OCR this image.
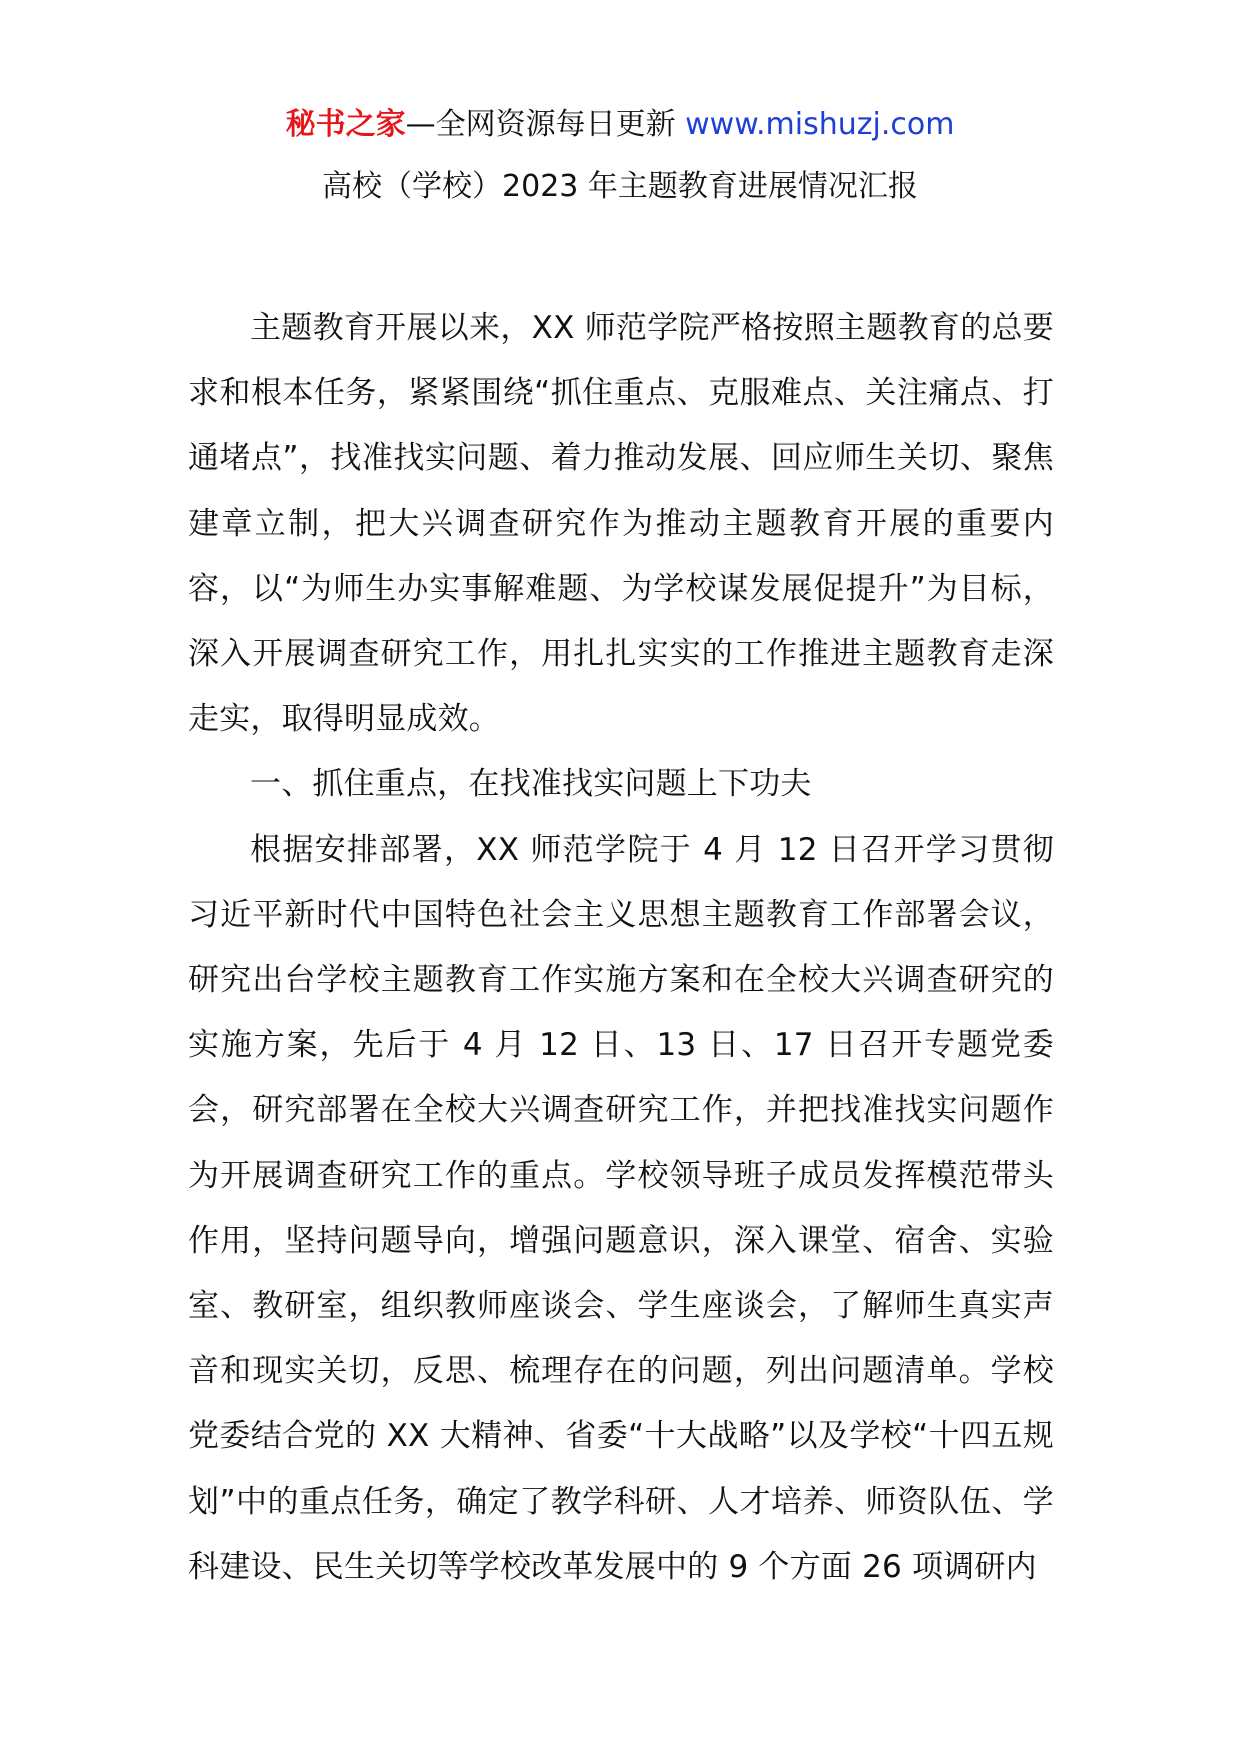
秘书之家—全网资源每日更新 www.mishuzj.com
高校（学校）2023 年主题教育进展情况汇报

主题教育开展以来，XX 师范学院严格按照主题教育的总要求和根本任务，紧紧围绕“抓住重点、克服难点、关注痛点、打通堵点”，找准找实问题、着力推动发展、回应师生关切、聚焦建章立制，把大兴调查研究作为推动主题教育开展的重要内容，以“为师生办实事解难题、为学校谋发展促提升”为目标，深入开展调查研究工作，用扎扎实实的工作推进主题教育走深走实，取得明显成效。

一、抓住重点，在找准找实问题上下功夫

根据安排部署，XX 师范学院于 4 月 12 日召开学习贯彻习近平新时代中国特色社会主义思想主题教育工作部署会议，研究出台学校主题教育工作实施方案和在全校大兴调查研究的实施方案，先后于 4 月 12 日、13 日、17 日召开专题党委会，研究部署在全校大兴调查研究工作，并把找准找实问题作为开展调查研究工作的重点。学校领导班子成员发挥模范带头作用，坚持问题导向，增强问题意识，深入课堂、宿舍、实验室、教研室，组织教师座谈会、学生座谈会，了解师生真实声音和现实关切，反思、梳理存在的问题，列出问题清单。学校党委结合党的 XX 大精神、省委“十大战略”以及学校“十四五规划”中的重点任务，确定了教学科研、人才培养、师资队伍、学科建设、民生关切等学校改革发展中的 9 个方面 26 项调研内
